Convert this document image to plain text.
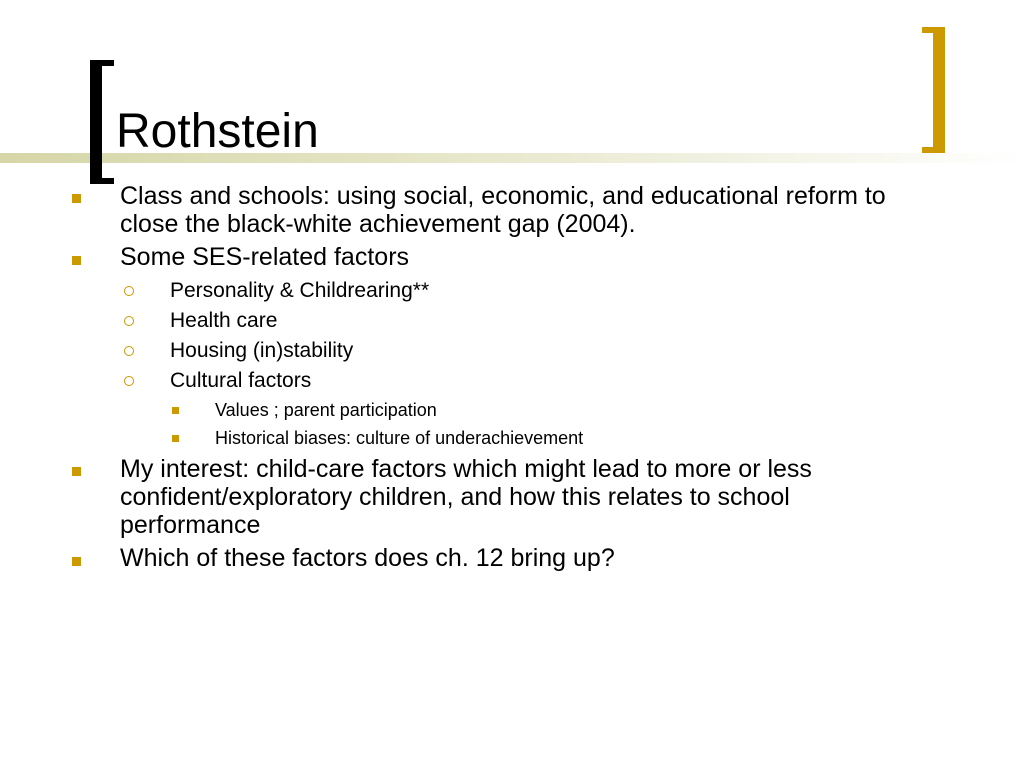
Rothstein
Class and schools: using social, economic, and educational reform to close the black-white achievement gap (2004).
Some SES-related factors
Personality & Childrearing**
Health care
Housing (in)stability
Cultural factors
Values ; parent participation
Historical biases: culture of underachievement
My interest: child-care factors which might lead to more or less confident/exploratory children, and how this relates to school performance
Which of these factors does ch. 12 bring up?
